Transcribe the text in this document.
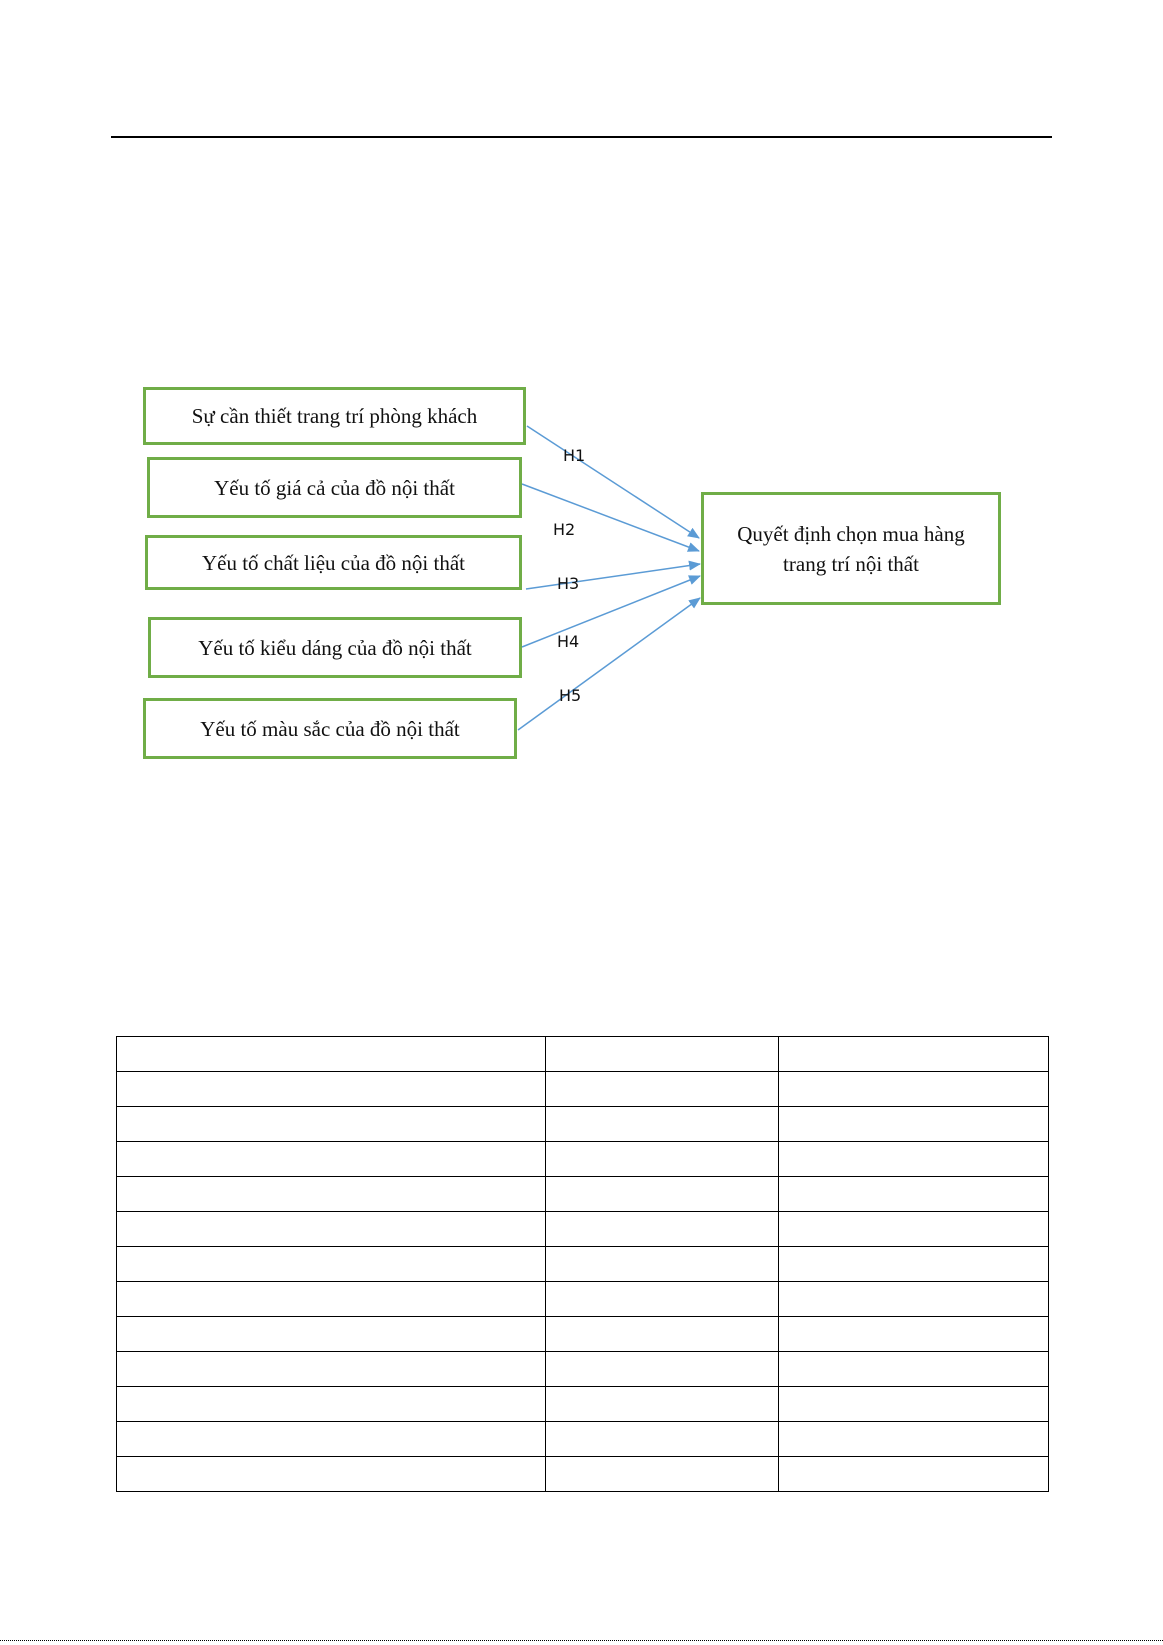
Sự cần thiết trang trí phòng khách
Yếu tố giá cả của đồ nội thất
Yếu tố chất liệu của đồ nội thất
Yếu tố kiểu dáng của đồ nội thất
Yếu tố màu sắc của đồ nội thất
Quyết định chọn mua hàng trang trí nội thất
H1
H2
H3
H4
H5
